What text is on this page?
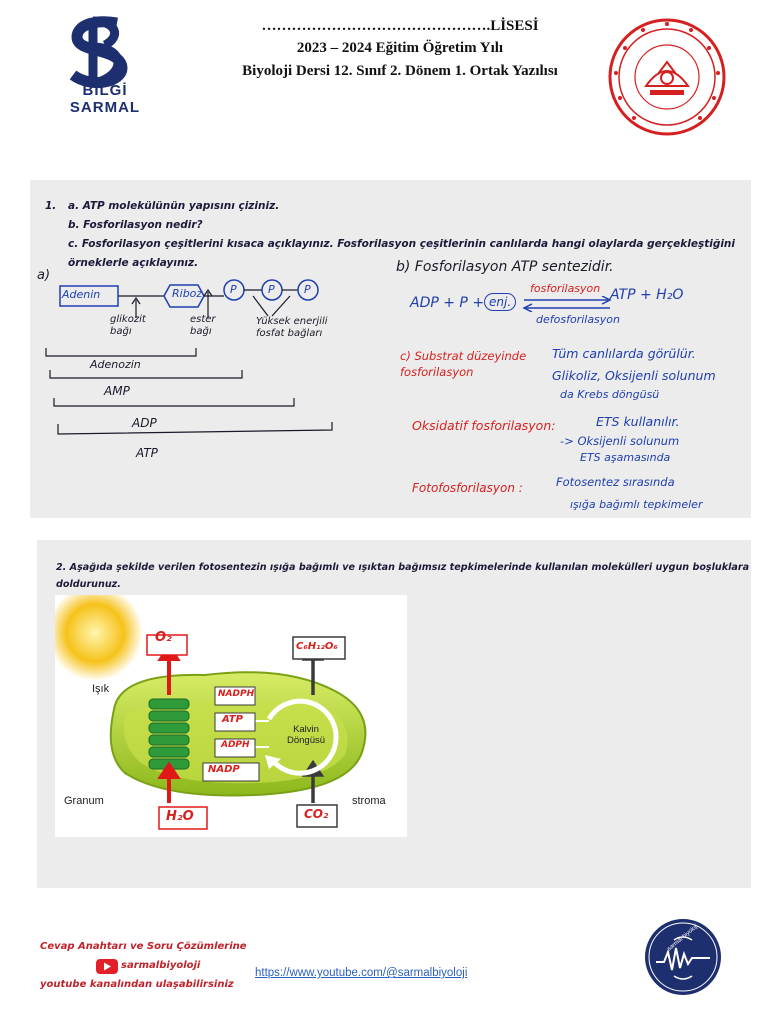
BİLGİ SARMAL
……………………………………….LİSESİ
2023 – 2024 Eğitim Öğretim Yılı
Biyoloji Dersi 12. Sınıf 2. Dönem 1. Ortak Yazılısı
1. a. ATP molekülünün yapısını çiziniz.
b. Fosforilasyon nedir?
c. Fosforilasyon çeşitlerini kısaca açıklayınız. Fosforilasyon çeşitlerinin canlılarda hangi olaylarda gerçekleştiğini
örneklerle açıklayınız.
a)
Adenin	Riboz	P	P	P
glikozit bağı
ester bağı
Yüksek enerjili fosfat bağları
Adenozin
AMP
ADP
ATP
b) Fosforilasyon ATP sentezidir.
ADP + P + enj.
fosforilasyon ATP + H₂O
defosforilasyon
c) Substrat düzeyinde fosforilasyon
Tüm canlılarda görülür.
Glikoliz, Oksijenli solunum
da Krebs döngüsü
Oksidatif fosforilasyon:	ETS kullanılır.
-> Oksijenli solunum
ETS aşamasında
Fotofosforilasyon :	Fotosentez sırasında
ışığa bağımlı tepkimeler
2. Aşağıda şekilde verilen fotosentezin ışığa bağımlı ve ışıktan bağımsız tepkimelerinde kullanılan molekülleri uygun boşluklara
doldurunuz.
O₂
C₆H₁₂O₆
NADPH
ATP
ADPH
NADP
H₂O	CO₂
Işık
Granum	stroma
Kalvin
Döngüsü
Cevap Anahtarı ve Soru Çözümlerine
sarmalbiyoloji
youtube kanalından ulaşabilirsiniz
https://www.youtube.com/@sarmalbiyoloji
sarmal biyoloji
